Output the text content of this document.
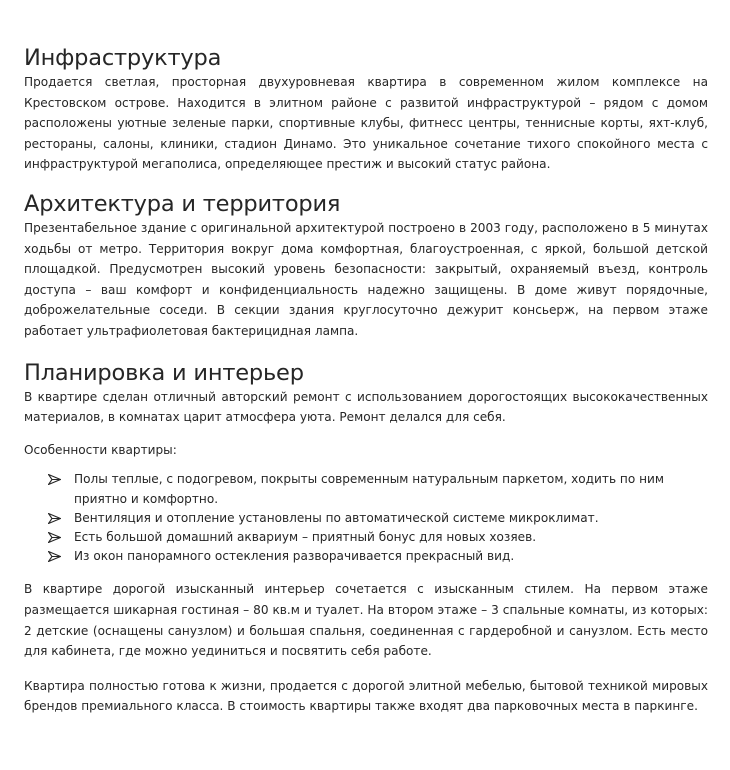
Инфраструктура

Продается светлая, просторная двухуровневая квартира в современном жилом комплексе на Крестовском острове. Находится в элитном районе с развитой инфраструктурой – рядом с домом расположены уютные зеленые парки, спортивные клубы, фитнесс центры, теннисные корты, яхт-клуб, рестораны, салоны, клиники, стадион Динамо. Это уникальное сочетание тихого спокойного места с инфраструктурой мегаполиса, определяющее престиж и высокий статус района.

Архитектура и территория

Презентабельное здание с оригинальной архитектурой построено в 2003 году, расположено в 5 минутах ходьбы от метро. Территория вокруг дома комфортная, благоустроенная, с яркой, большой детской площадкой. Предусмотрен высокий уровень безопасности: закрытый, охраняемый въезд, контроль доступа – ваш комфорт и конфиденциальность надежно защищены. В доме живут порядочные, доброжелательные соседи. В секции здания круглосуточно дежурит консьерж, на первом этаже работает ультрафиолетовая бактерицидная лампа.

Планировка и интерьер

В квартире сделан отличный авторский ремонт с использованием дорогостоящих высококачественных материалов, в комнатах царит атмосфера уюта. Ремонт делался для себя.

Особенности квартиры:

Полы теплые, с подогревом, покрыты современным натуральным паркетом, ходить по ним приятно и комфортно.
Вентиляция и отопление установлены по автоматической системе микроклимат.
Есть большой домашний аквариум – приятный бонус для новых хозяев.
Из окон панорамного остекления разворачивается прекрасный вид.

В квартире дорогой изысканный интерьер сочетается с изысканным стилем. На первом этаже размещается шикарная гостиная – 80 кв.м и туалет. На втором этаже – 3 спальные комнаты, из которых: 2 детские (оснащены санузлом) и большая спальня, соединенная с гардеробной и санузлом. Есть место для кабинета, где можно уединиться и посвятить себя работе.

Квартира полностью готова к жизни, продается с дорогой элитной мебелью, бытовой техникой мировых брендов премиального класса. В стоимость квартиры также входят два парковочных места в паркинге.
